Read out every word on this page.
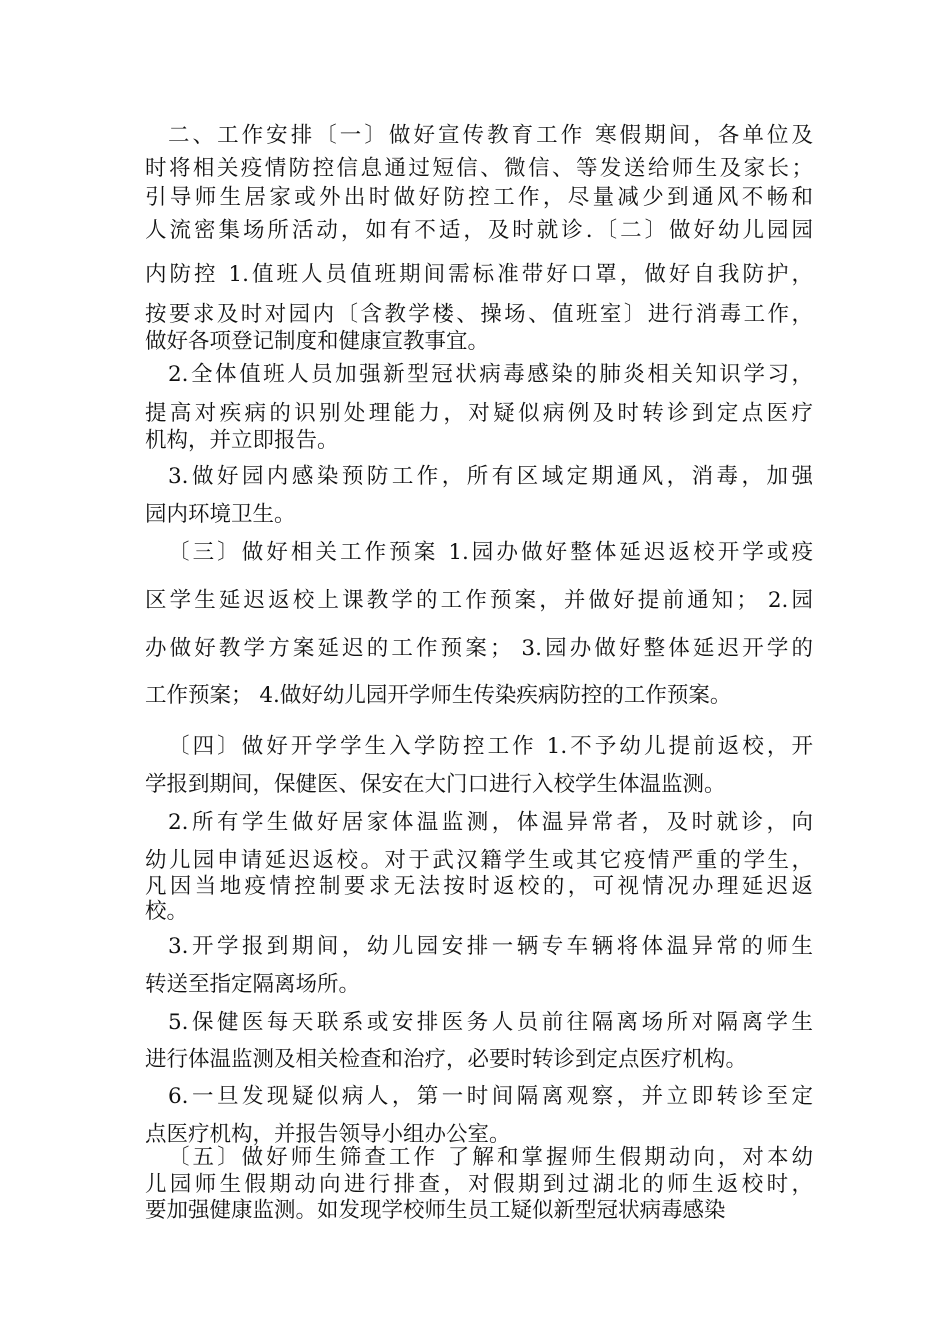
二、工作安排〔一〕做好宣传教育工作 寒假期间，各单位及
时将相关疫情防控信息通过短信、微信、等发送给师生及家长；
引导师生居家或外出时做好防控工作，尽量减少到通风不畅和
人流密集场所活动，如有不适，及时就诊.〔二〕做好幼儿园园
内防控 1.值班人员值班期间需标准带好口罩，做好自我防护，
按要求及时对园内〔含教学楼、操场、值班室〕进行消毒工作，
做好各项登记制度和健康宣教事宜。
2.全体值班人员加强新型冠状病毒感染的肺炎相关知识学习，
提高对疾病的识别处理能力，对疑似病例及时转诊到定点医疗
机构，并立即报告。
3.做好园内感染预防工作，所有区域定期通风，消毒，加强
园内环境卫生。
〔三〕做好相关工作预案 1.园办做好整体延迟返校开学或疫
区学生延迟返校上课教学的工作预案，并做好提前通知； 2.园
办做好教学方案延迟的工作预案； 3.园办做好整体延迟开学的
工作预案； 4.做好幼儿园开学师生传染疾病防控的工作预案。
〔四〕做好开学学生入学防控工作 1.不予幼儿提前返校，开
学报到期间，保健医、保安在大门口进行入校学生体温监测。
2.所有学生做好居家体温监测，体温异常者，及时就诊，向
幼儿园申请延迟返校。对于武汉籍学生或其它疫情严重的学生，
凡因当地疫情控制要求无法按时返校的，可视情况办理延迟返
校。
3.开学报到期间，幼儿园安排一辆专车辆将体温异常的师生
转送至指定隔离场所。
5.保健医每天联系或安排医务人员前往隔离场所对隔离学生
进行体温监测及相关检查和治疗，必要时转诊到定点医疗机构。
6.一旦发现疑似病人，第一时间隔离观察，并立即转诊至定
点医疗机构，并报告领导小组办公室。
〔五〕做好师生筛查工作 了解和掌握师生假期动向，对本幼
儿园师生假期动向进行排查，对假期到过湖北的师生返校时，
要加强健康监测。如发现学校师生员工疑似新型冠状病毒感染
